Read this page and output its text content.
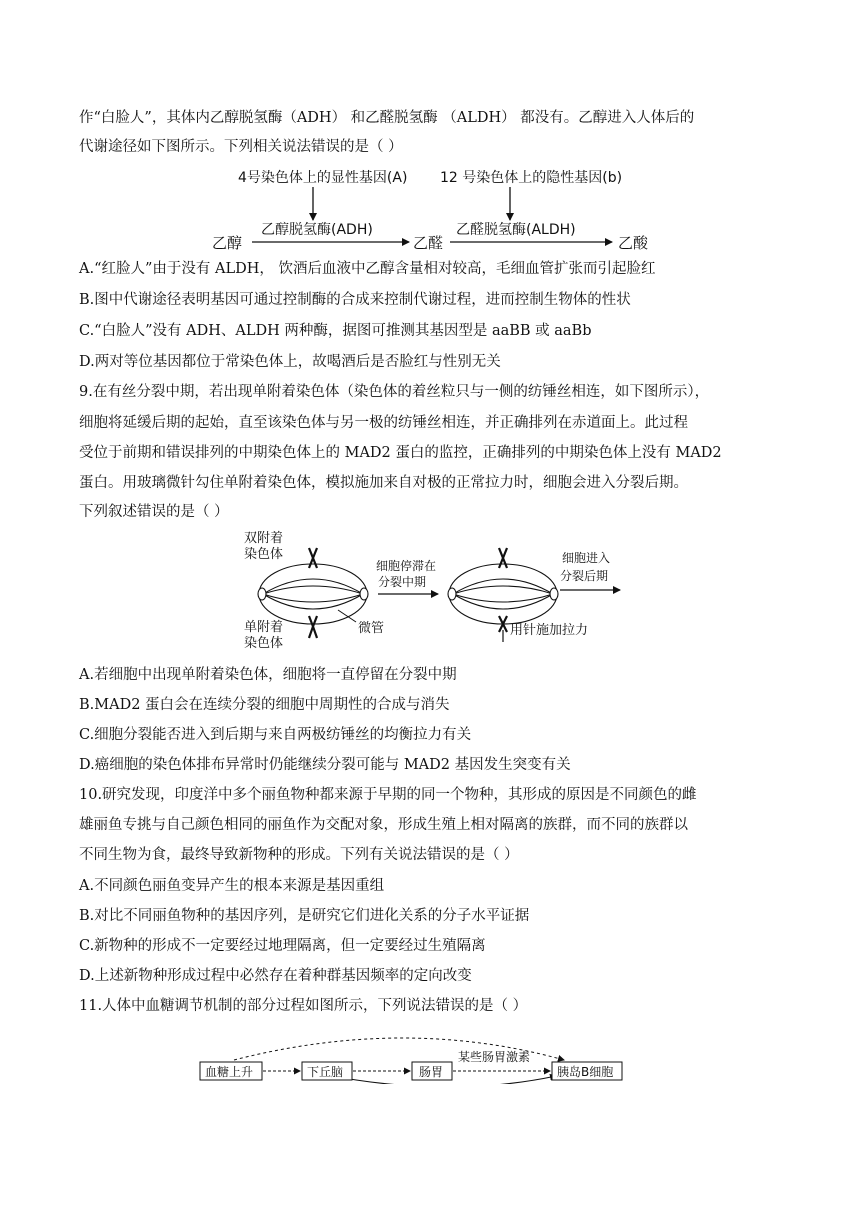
作“白脸人”，其体内乙醇脱氢酶（ADH） 和乙醛脱氢酶 （ALDH） 都没有。乙醇进入人体后的
代谢途径如下图所示。下列相关说法错误的是（ ）
4号染色体上的显性基因(A) 12 号染色体上的隐性基因(b)
乙醇脱氢酶(ADH)	乙醛脱氢酶(ALDH)
乙醇	乙醛	乙酸
A.“红脸人”由于没有 ALDH， 饮酒后血液中乙醇含量相对较高，毛细血管扩张而引起脸红
B.图中代谢途径表明基因可通过控制酶的合成来控制代谢过程，进而控制生物体的性状
C.“白脸人”没有 ADH、ALDH 两种酶，据图可推测其基因型是 aaBB 或 aaBb
D.两对等位基因都位于常染色体上，故喝酒后是否脸红与性别无关
9.在有丝分裂中期，若出现单附着染色体（染色体的着丝粒只与一侧的纺锤丝相连，如下图所示），
细胞将延缓后期的起始，直至该染色体与另一极的纺锤丝相连，并正确排列在赤道面上。此过程
受位于前期和错误排列的中期染色体上的 MAD2 蛋白的监控，正确排列的中期染色体上没有 MAD2
蛋白。用玻璃微针勾住单附着染色体，模拟施加来自对极的正常拉力时，细胞会进入分裂后期。
下列叙述错误的是（ ）
双附着
染色体
单附着
染色体
微管
细胞停滞在
分裂中期
用针施加拉力
细胞进入
分裂后期
A.若细胞中出现单附着染色体，细胞将一直停留在分裂中期
B.MAD2 蛋白会在连续分裂的细胞中周期性的合成与消失
C.细胞分裂能否进入到后期与来自两极纺锤丝的均衡拉力有关
D.癌细胞的染色体排布异常时仍能继续分裂可能与 MAD2 基因发生突变有关
10.研究发现，印度洋中多个丽鱼物种都来源于早期的同一个物种，其形成的原因是不同颜色的雌
雄丽鱼专挑与自己颜色相同的丽鱼作为交配对象，形成生殖上相对隔离的族群，而不同的族群以
不同生物为食，最终导致新物种的形成。下列有关说法错误的是（ ）
A.不同颜色丽鱼变异产生的根本来源是基因重组
B.对比不同丽鱼物种的基因序列，是研究它们进化关系的分子水平证据
C.新物种的形成不一定要经过地理隔离，但一定要经过生殖隔离
D.上述新物种形成过程中必然存在着种群基因频率的定向改变
11.人体中血糖调节机制的部分过程如图所示，下列说法错误的是（ ）
血糖上升	下丘脑	肠胃
某些肠胃激素
胰岛B细胞
